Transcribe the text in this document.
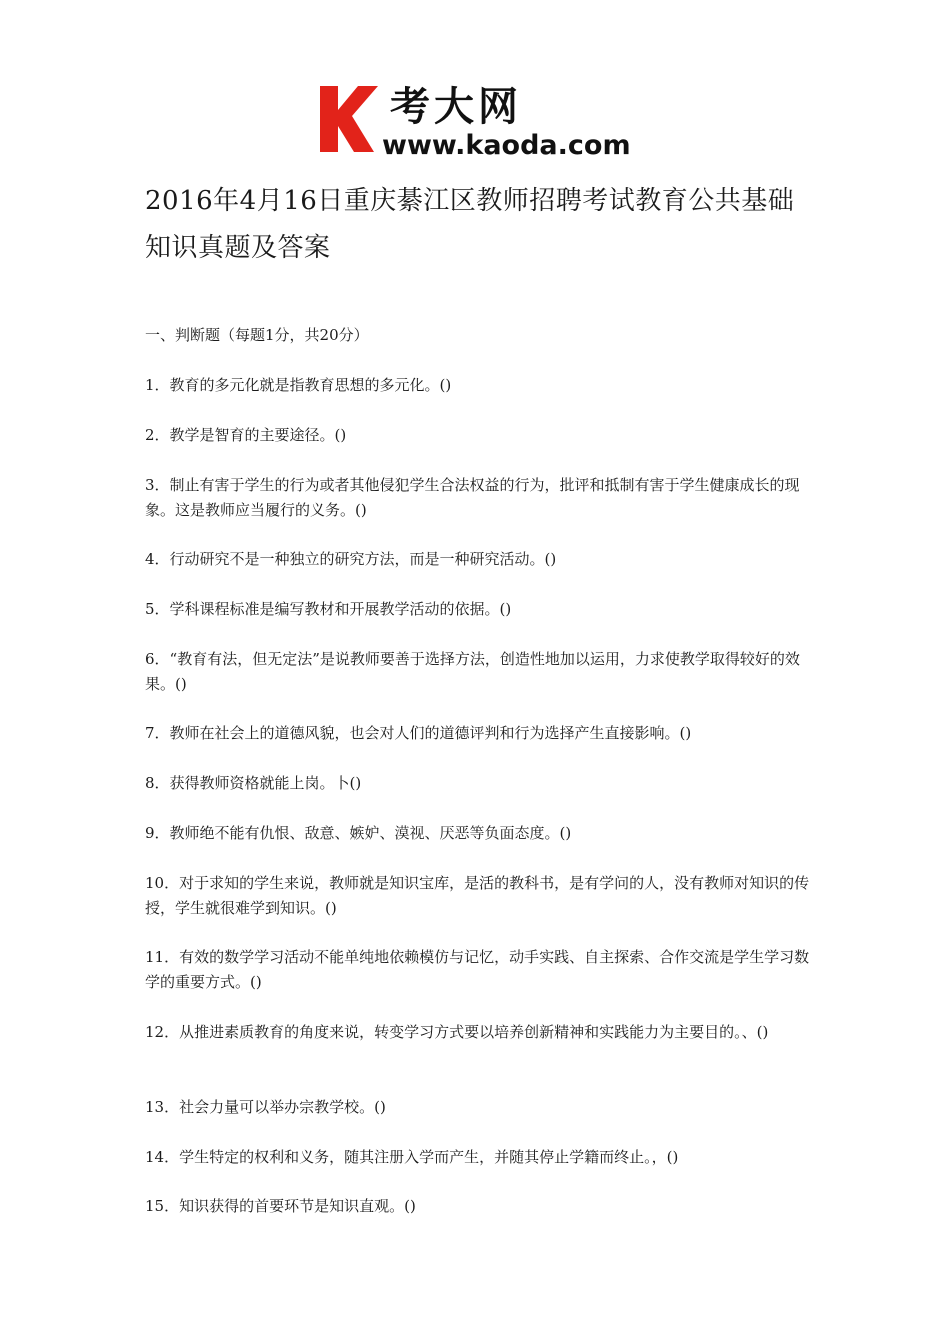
考大网
www.kaoda.com
2016年4月16日重庆綦江区教师招聘考试教育公共基础知识真题及答案

一、判断题（每题1分，共20分）

1．教育的多元化就是指教育思想的多元化。()

2．教学是智育的主要途径。()

3．制止有害于学生的行为或者其他侵犯学生合法权益的行为，批评和抵制有害于学生健康成长的现象。这是教师应当履行的义务。()

4．行动研究不是一种独立的研究方法，而是一种研究活动。()

5．学科课程标准是编写教材和开展教学活动的依据。()

6．“教育有法，但无定法”是说教师要善于选择方法，创造性地加以运用，力求使教学取得较好的效果。()

7．教师在社会上的道德风貌，也会对人们的道德评判和行为选择产生直接影响。()

8．获得教师资格就能上岗。卜()

9．教师绝不能有仇恨、敌意、嫉妒、漠视、厌恶等负面态度。()

10．对于求知的学生来说，教师就是知识宝库，是活的教科书，是有学问的人，没有教师对知识的传授，学生就很难学到知识。()

11．有效的数学学习活动不能单纯地依赖模仿与记忆，动手实践、自主探索、合作交流是学生学习数学的重要方式。()

12．从推进素质教育的角度来说，转变学习方式要以培养创新精神和实践能力为主要目的。、()

13．社会力量可以举办宗教学校。()

14．学生特定的权利和义务，随其注册入学而产生，并随其停止学籍而终止。，()

15．知识获得的首要环节是知识直观。()
